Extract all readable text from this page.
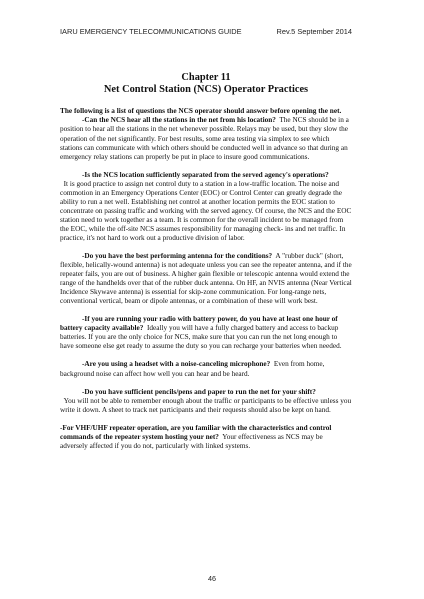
IARU EMERGENCY TELECOMMUNICATIONS GUIDE	Rev.5 September 2014
Chapter 11
Net Control Station (NCS) Operator Practices

The following is a list of questions the NCS operator should answer before opening the net.

-Can the NCS hear all the stations in the net from his location? The NCS should be in a position to hear all the stations in the net whenever possible. Relays may be used, but they slow the operation of the net significantly. For best results, some area testing via simplex to see which stations can communicate with which others should be conducted well in advance so that during an emergency relay stations can properly be put in place to insure good communications.

-Is the NCS location sufficiently separated from the served agency's operations?
It is good practice to assign net control duty to a station in a low-traffic location. The noise and commotion in an Emergency Operations Center (EOC) or Control Center can greatly degrade the ability to run a net well. Establishing net control at another location permits the EOC station to concentrate on passing traffic and working with the served agency. Of course, the NCS and the EOC station need to work together as a team. It is common for the overall incident to be managed from the EOC, while the off-site NCS assumes responsibility for managing check- ins and net traffic. In practice, it's not hard to work out a productive division of labor.

-Do you have the best performing antenna for the conditions? A "rubber duck" (short, flexible, helically-wound antenna) is not adequate unless you can see the repeater antenna, and if the repeater fails, you are out of business. A higher gain flexible or telescopic antenna would extend the range of the handhelds over that of the rubber duck antenna. On HF, an NVIS antenna (Near Vertical Incidence Skywave antenna) is essential for skip-zone communication. For long-range nets, conventional vertical, beam or dipole antennas, or a combination of these will work best.

-If you are running your radio with battery power, do you have at least one hour of battery capacity available? Ideally you will have a fully charged battery and access to backup batteries. If you are the only choice for NCS, make sure that you can run the net long enough to have someone else get ready to assume the duty so you can recharge your batteries when needed.

-Are you using a headset with a noise-canceling microphone? Even from home, background noise can affect how well you can hear and be heard.

-Do you have sufficient pencils/pens and paper to run the net for your shift?
You will not be able to remember enough about the traffic or participants to be effective unless you write it down. A sheet to track net participants and their requests should also be kept on hand.

-For VHF/UHF repeater operation, are you familiar with the characteristics and control commands of the repeater system hosting your net? Your effectiveness as NCS may be adversely affected if you do not, particularly with linked systems.

46
